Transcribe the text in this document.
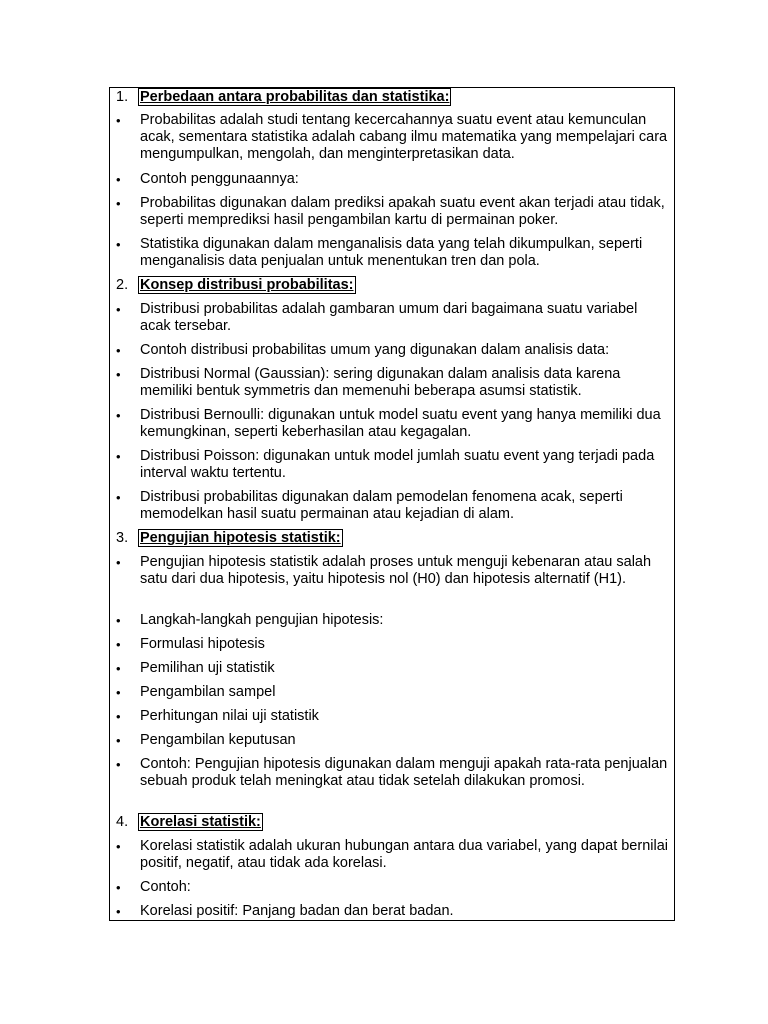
1. Perbedaan antara probabilitas dan statistika:
•	Probabilitas adalah studi tentang kecercahannya suatu event atau kemunculan acak, sementara statistika adalah cabang ilmu matematika yang mempelajari cara mengumpulkan, mengolah, dan menginterpretasikan data.
•	Contoh penggunaannya:
•	Probabilitas digunakan dalam prediksi apakah suatu event akan terjadi atau tidak, seperti memprediksi hasil pengambilan kartu di permainan poker.
•	Statistika digunakan dalam menganalisis data yang telah dikumpulkan, seperti menganalisis data penjualan untuk menentukan tren dan pola.
2. Konsep distribusi probabilitas:
•	Distribusi probabilitas adalah gambaran umum dari bagaimana suatu variabel acak tersebar.
•	Contoh distribusi probabilitas umum yang digunakan dalam analisis data:
•	Distribusi Normal (Gaussian): sering digunakan dalam analisis data karena memiliki bentuk symmetris dan memenuhi beberapa asumsi statistik.
•	Distribusi Bernoulli: digunakan untuk model suatu event yang hanya memiliki dua kemungkinan, seperti keberhasilan atau kegagalan.
•	Distribusi Poisson: digunakan untuk model jumlah suatu event yang terjadi pada interval waktu tertentu.
•	Distribusi probabilitas digunakan dalam pemodelan fenomena acak, seperti memodelkan hasil suatu permainan atau kejadian di alam.
3. Pengujian hipotesis statistik:
•	Pengujian hipotesis statistik adalah proses untuk menguji kebenaran atau salah satu dari dua hipotesis, yaitu hipotesis nol (H0) dan hipotesis alternatif (H1).
•	Langkah-langkah pengujian hipotesis:
•	Formulasi hipotesis
•	Pemilihan uji statistik
•	Pengambilan sampel
•	Perhitungan nilai uji statistik
•	Pengambilan keputusan
•	Contoh: Pengujian hipotesis digunakan dalam menguji apakah rata-rata penjualan sebuah produk telah meningkat atau tidak setelah dilakukan promosi.
4. Korelasi statistik:
•	Korelasi statistik adalah ukuran hubungan antara dua variabel, yang dapat bernilai positif, negatif, atau tidak ada korelasi.
•	Contoh:
•	Korelasi positif: Panjang badan dan berat badan.
